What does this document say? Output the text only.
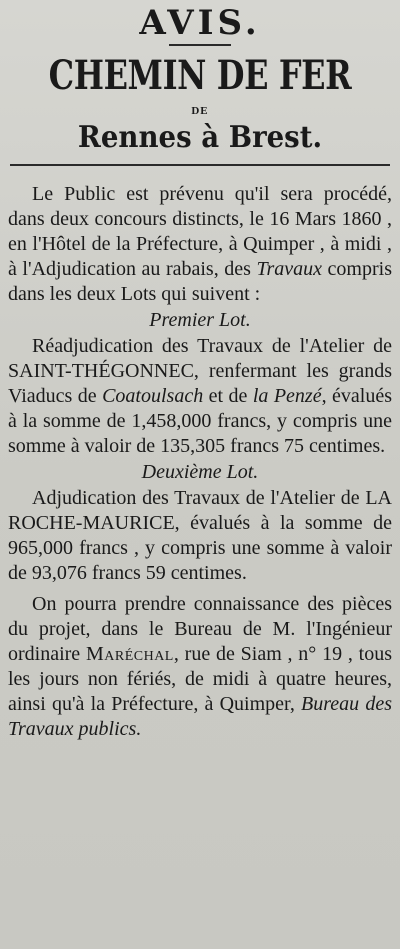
AVIS.
CHEMIN DE FER
DE
Rennes à Brest.

Le Public est prévenu qu'il sera procédé, dans deux concours distincts, le 16 Mars 1860 , en l'Hôtel de la Préfecture, à Quimper , à midi , à l'Adjudication au rabais, des Travaux compris dans les deux Lots qui suivent :

Premier Lot.

Réadjudication des Travaux de l'Atelier de SAINT-THÉGONNEC, renfermant les grands Viaducs de Coatoulsach et de la Penzé, évalués à la somme de 1,458,000 francs, y compris une somme à valoir de 135,305 francs 75 centimes.

Deuxième Lot.

Adjudication des Travaux de l'Atelier de LA ROCHE-MAURICE, évalués à la somme de 965,000 francs , y compris une somme à valoir de 93,076 francs 59 centimes.

On pourra prendre connaissance des pièces du projet, dans le Bureau de M. l'Ingénieur ordinaire Maréchal, rue de Siam , n° 19 , tous les jours non fériés, de midi à quatre heures, ainsi qu'à la Préfecture, à Quimper, Bureau des Travaux publics.
